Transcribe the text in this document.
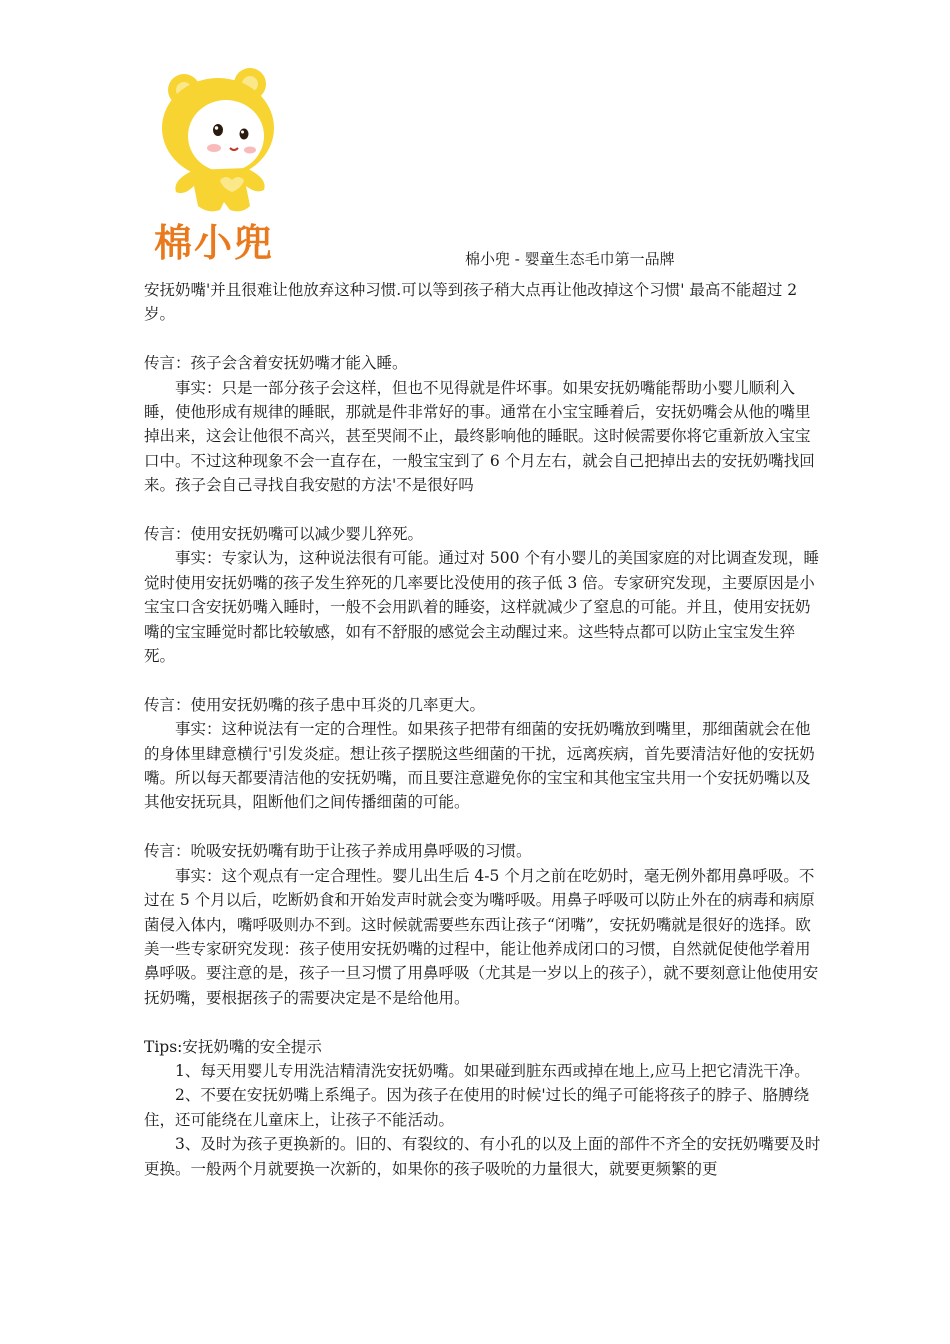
棉小兜	棉小兜 - 婴童生态毛巾第一品牌

安抚奶嘴'并且很难让他放弃这种习惯.可以等到孩子稍大点再让他改掉这个习惯' 最高不能超过 2 岁。

传言：孩子会含着安抚奶嘴才能入睡。

事实：只是一部分孩子会这样，但也不见得就是件坏事。如果安抚奶嘴能帮助小婴儿顺利入睡，使他形成有规律的睡眠，那就是件非常好的事。通常在小宝宝睡着后，安抚奶嘴会从他的嘴里掉出来，这会让他很不高兴，甚至哭闹不止，最终影响他的睡眠。这时候需要你将它重新放入宝宝口中。不过这种现象不会一直存在，一般宝宝到了 6 个月左右，就会自己把掉出去的安抚奶嘴找回来。孩子会自己寻找自我安慰的方法'不是很好吗

传言：使用安抚奶嘴可以减少婴儿猝死。

事实：专家认为，这种说法很有可能。通过对 500 个有小婴儿的美国家庭的对比调查发现，睡觉时使用安抚奶嘴的孩子发生猝死的几率要比没使用的孩子低 3 倍。专家研究发现，主要原因是小宝宝口含安抚奶嘴入睡时，一般不会用趴着的睡姿，这样就减少了窒息的可能。并且，使用安抚奶嘴的宝宝睡觉时都比较敏感，如有不舒服的感觉会主动醒过来。这些特点都可以防止宝宝发生猝死。

传言：使用安抚奶嘴的孩子患中耳炎的几率更大。

事实：这种说法有一定的合理性。如果孩子把带有细菌的安抚奶嘴放到嘴里，那细菌就会在他的身体里肆意横行'引发炎症。想让孩子摆脱这些细菌的干扰，远离疾病，首先要清洁好他的安抚奶嘴。所以每天都要清洁他的安抚奶嘴，而且要注意避免你的宝宝和其他宝宝共用一个安抚奶嘴以及其他安抚玩具，阻断他们之间传播细菌的可能。

传言：吮吸安抚奶嘴有助于让孩子养成用鼻呼吸的习惯。

事实：这个观点有一定合理性。婴儿出生后 4-5 个月之前在吃奶时，毫无例外都用鼻呼吸。不过在 5 个月以后，吃断奶食和开始发声时就会变为嘴呼吸。用鼻子呼吸可以防止外在的病毒和病原菌侵入体内，嘴呼吸则办不到。这时候就需要些东西让孩子“闭嘴”，安抚奶嘴就是很好的选择。欧美一些专家研究发现：孩子使用安抚奶嘴的过程中，能让他养成闭口的习惯，自然就促使他学着用鼻呼吸。要注意的是，孩子一旦习惯了用鼻呼吸（尤其是一岁以上的孩子），就不要刻意让他使用安抚奶嘴，要根据孩子的需要决定是不是给他用。

Tips:安抚奶嘴的安全提示

1、每天用婴儿专用洗洁精清洗安抚奶嘴。如果碰到脏东西或掉在地上,应马上把它清洗干净。

2、不要在安抚奶嘴上系绳子。因为孩子在使用的时候'过长的绳子可能将孩子的脖子、胳膊绕住，还可能绕在儿童床上，让孩子不能活动。

3、及时为孩子更换新的。旧的、有裂纹的、有小孔的以及上面的部件不齐全的安抚奶嘴要及时更换。一般两个月就要换一次新的，如果你的孩子吸吮的力量很大，就要更频繁的更
